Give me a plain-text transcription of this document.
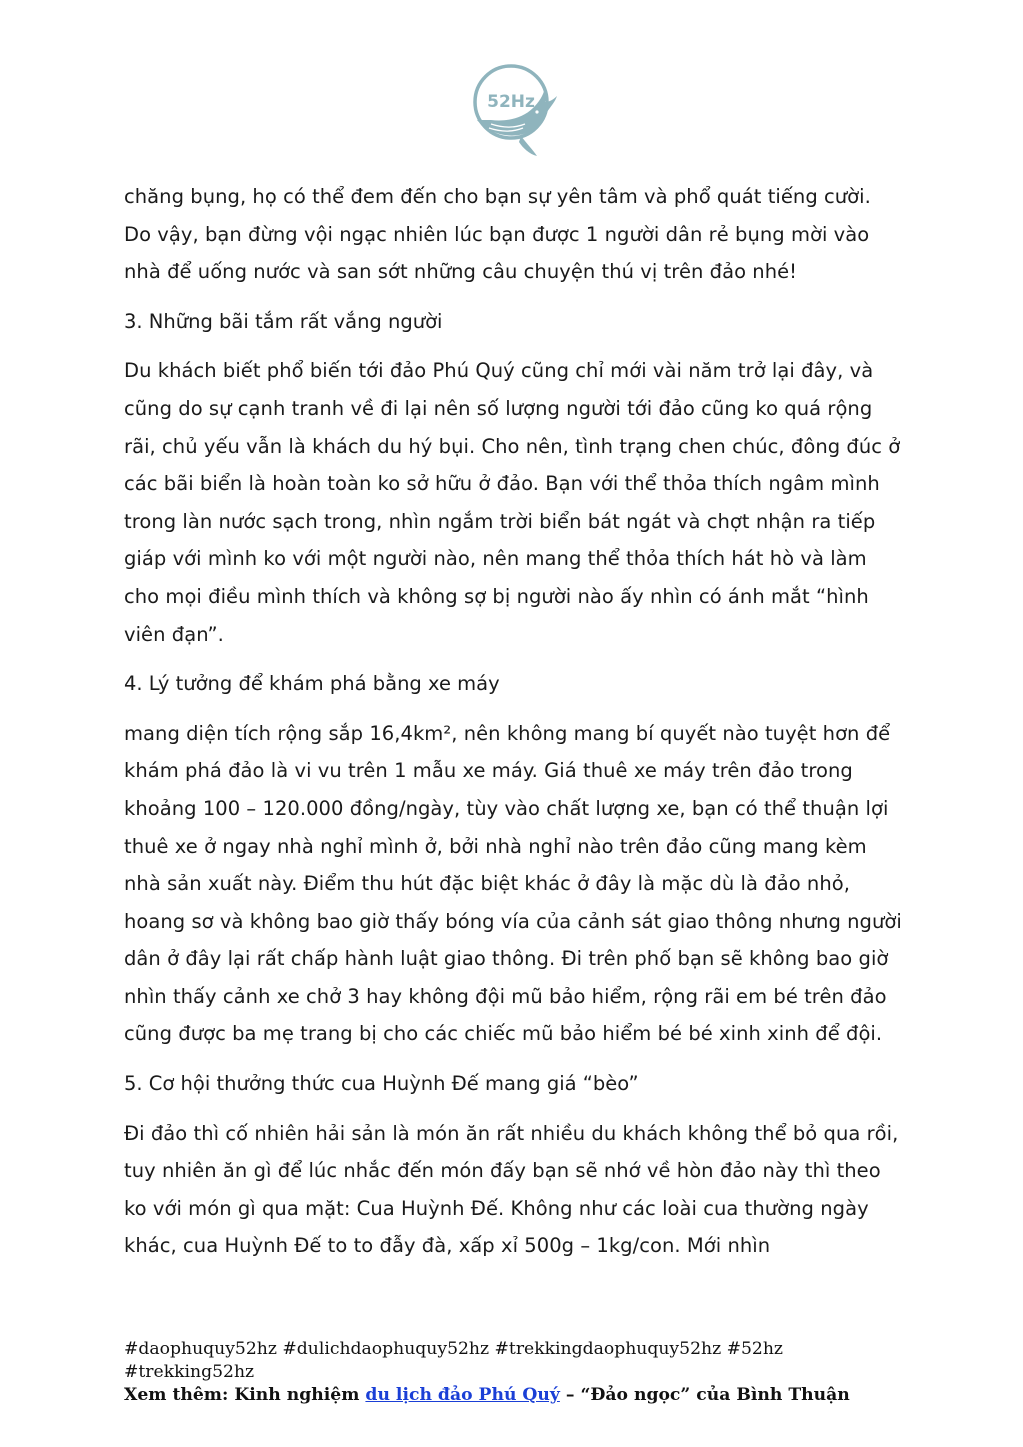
52Hz

chăng bụng, họ có thể đem đến cho bạn sự yên tâm và phổ quát tiếng cười. Do vậy, bạn đừng vội ngạc nhiên lúc bạn được 1 người dân rẻ bụng mời vào nhà để uống nước và san sớt những câu chuyện thú vị trên đảo nhé!

3. Những bãi tắm rất vắng người

Du khách biết phổ biến tới đảo Phú Quý cũng chỉ mới vài năm trở lại đây, và cũng do sự cạnh tranh về đi lại nên số lượng người tới đảo cũng ko quá rộng rãi, chủ yếu vẫn là khách du hý bụi. Cho nên, tình trạng chen chúc, đông đúc ở các bãi biển là hoàn toàn ko sở hữu ở đảo. Bạn với thể thỏa thích ngâm mình trong làn nước sạch trong, nhìn ngắm trời biển bát ngát và chợt nhận ra tiếp giáp với mình ko với một người nào, nên mang thể thỏa thích hát hò và làm cho mọi điều mình thích và không sợ bị người nào ấy nhìn có ánh mắt “hình viên đạn”.

4. Lý tưởng để khám phá bằng xe máy

mang diện tích rộng sắp 16,4km², nên không mang bí quyết nào tuyệt hơn để khám phá đảo là vi vu trên 1 mẫu xe máy. Giá thuê xe máy trên đảo trong khoảng 100 – 120.000 đồng/ngày, tùy vào chất lượng xe, bạn có thể thuận lợi thuê xe ở ngay nhà nghỉ mình ở, bởi nhà nghỉ nào trên đảo cũng mang kèm nhà sản xuất này. Điểm thu hút đặc biệt khác ở đây là mặc dù là đảo nhỏ, hoang sơ và không bao giờ thấy bóng vía của cảnh sát giao thông nhưng người dân ở đây lại rất chấp hành luật giao thông. Đi trên phố bạn sẽ không bao giờ nhìn thấy cảnh xe chở 3 hay không đội mũ bảo hiểm, rộng rãi em bé trên đảo cũng được ba mẹ trang bị cho các chiếc mũ bảo hiểm bé bé xinh xinh để đội.

5. Cơ hội thưởng thức cua Huỳnh Đế mang giá “bèo”

Đi đảo thì cố nhiên hải sản là món ăn rất nhiều du khách không thể bỏ qua rồi, tuy nhiên ăn gì để lúc nhắc đến món đấy bạn sẽ nhớ về hòn đảo này thì theo ko với món gì qua mặt: Cua Huỳnh Đế. Không như các loài cua thường ngày khác, cua Huỳnh Đế to to đẫy đà, xấp xỉ 500g – 1kg/con. Mới nhìn

#daophuquy52hz #dulichdaophuquy52hz #trekkingdaophuquy52hz #52hz #trekking52hz
Xem thêm: Kinh nghiệm du lịch đảo Phú Quý – “Đảo ngọc” của Bình Thuận
